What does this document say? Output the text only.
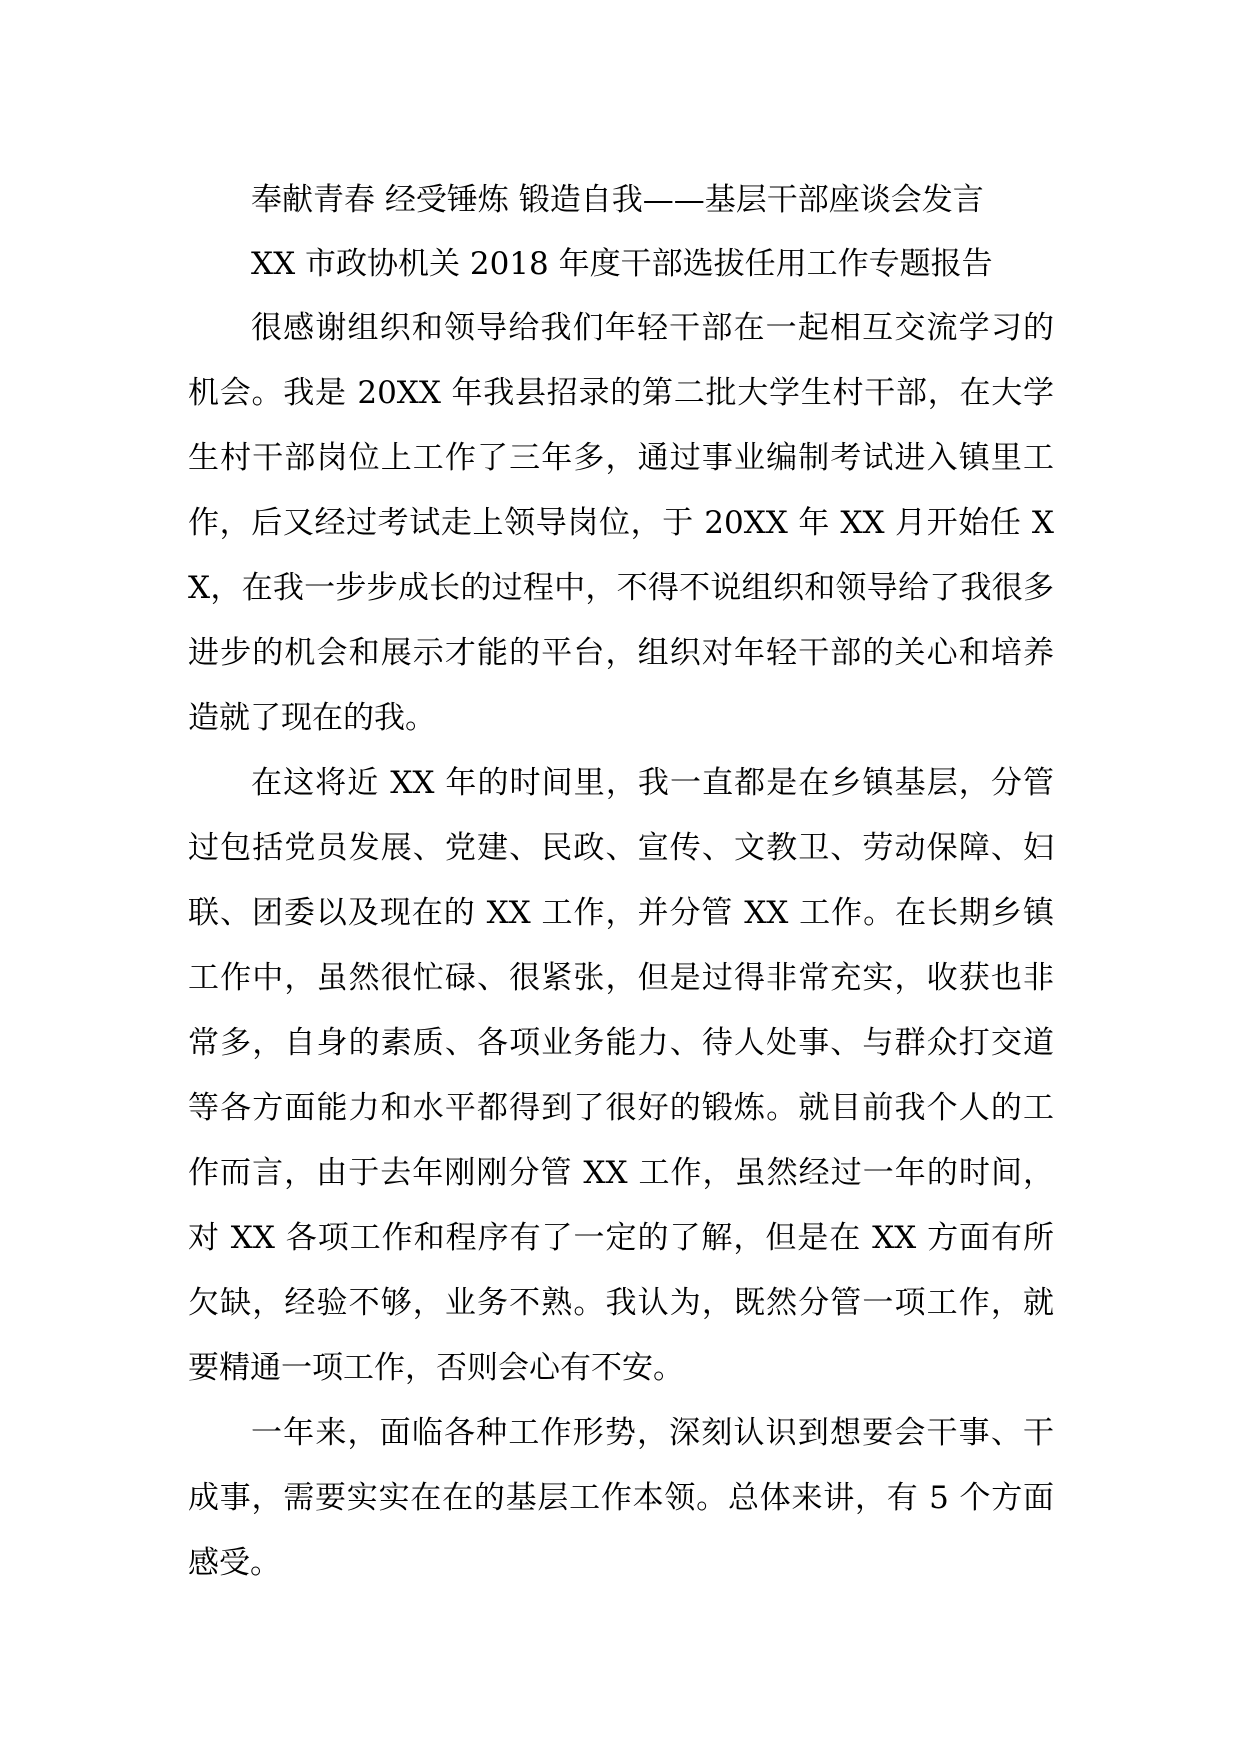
奉献青春 经受锤炼 锻造自我——基层干部座谈会发言
XX 市政协机关 2018 年度干部选拔任用工作专题报告

很感谢组织和领导给我们年轻干部在一起相互交流学习的机会。我是 20XX 年我县招录的第二批大学生村干部，在大学生村干部岗位上工作了三年多，通过事业编制考试进入镇里工作，后又经过考试走上领导岗位，于 20XX 年 XX 月开始任 XX，在我一步步成长的过程中，不得不说组织和领导给了我很多进步的机会和展示才能的平台，组织对年轻干部的关心和培养造就了现在的我。

在这将近 XX 年的时间里，我一直都是在乡镇基层，分管过包括党员发展、党建、民政、宣传、文教卫、劳动保障、妇联、团委以及现在的 XX 工作，并分管 XX 工作。在长期乡镇工作中，虽然很忙碌、很紧张，但是过得非常充实，收获也非常多，自身的素质、各项业务能力、待人处事、与群众打交道等各方面能力和水平都得到了很好的锻炼。就目前我个人的工作而言，由于去年刚刚分管 XX 工作，虽然经过一年的时间，对 XX 各项工作和程序有了一定的了解，但是在 XX 方面有所欠缺，经验不够，业务不熟。我认为，既然分管一项工作，就要精通一项工作，否则会心有不安。

一年来，面临各种工作形势，深刻认识到想要会干事、干成事，需要实实在在的基层工作本领。总体来讲，有 5 个方面感受。
